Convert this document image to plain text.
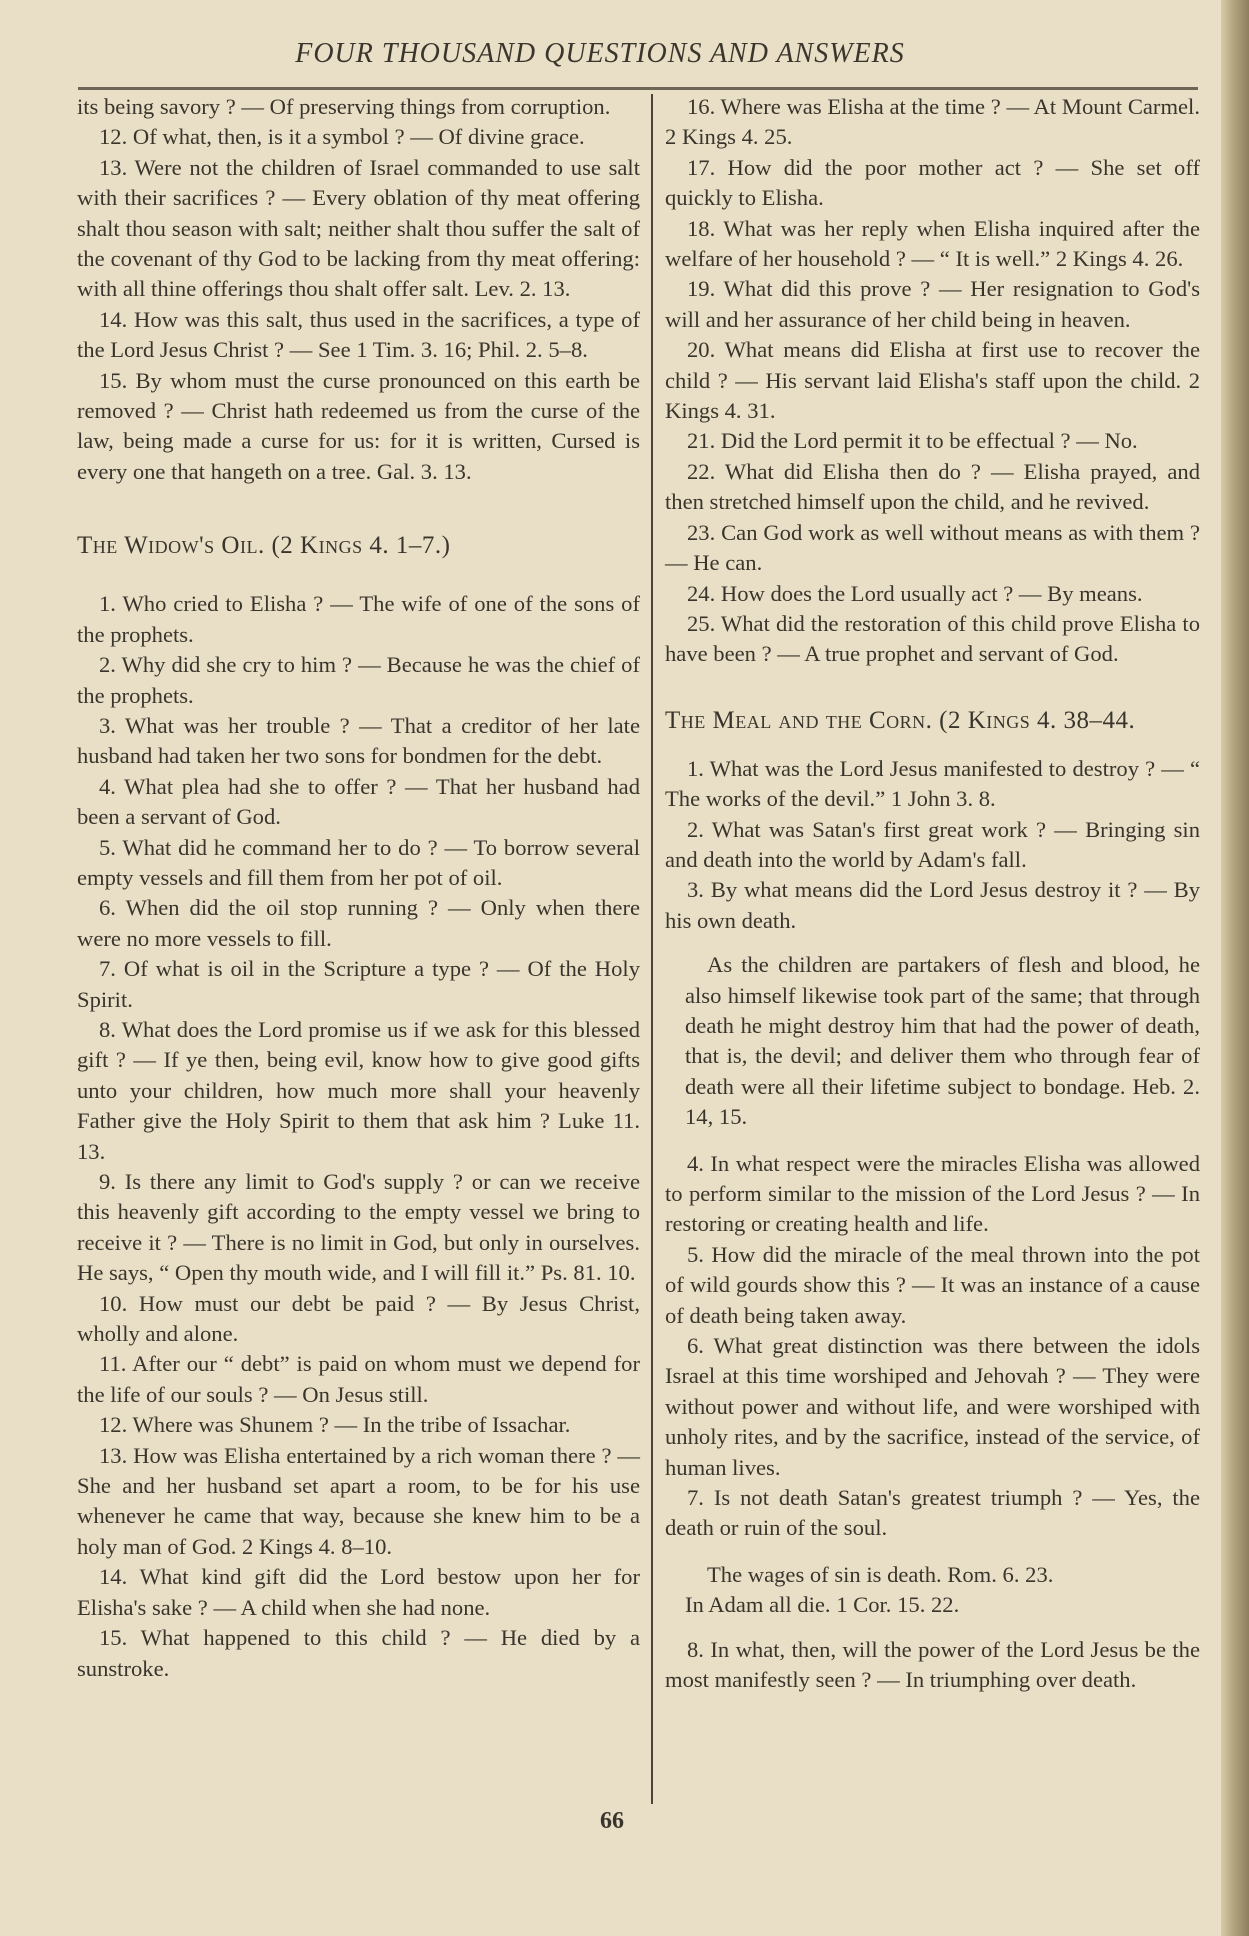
FOUR THOUSAND QUESTIONS AND ANSWERS

its being savory ? — Of preserving things from corruption.

12. Of what, then, is it a symbol ? — Of divine grace.

13. Were not the children of Israel commanded to use salt with their sacrifices ? — Every oblation of thy meat offering shalt thou season with salt; neither shalt thou suffer the salt of the covenant of thy God to be lacking from thy meat offering: with all thine offerings thou shalt offer salt. Lev. 2. 13.

14. How was this salt, thus used in the sacrifices, a type of the Lord Jesus Christ ? — See 1 Tim. 3. 16; Phil. 2. 5–8.

15. By whom must the curse pronounced on this earth be removed ? — Christ hath redeemed us from the curse of the law, being made a curse for us: for it is written, Cursed is every one that hangeth on a tree. Gal. 3. 13.

The Widow's Oil. (2 Kings 4. 1–7.)

1. Who cried to Elisha ? — The wife of one of the sons of the prophets.

2. Why did she cry to him ? — Because he was the chief of the prophets.

3. What was her trouble ? — That a creditor of her late husband had taken her two sons for bondmen for the debt.

4. What plea had she to offer ? — That her husband had been a servant of God.

5. What did he command her to do ? — To borrow several empty vessels and fill them from her pot of oil.

6. When did the oil stop running ? — Only when there were no more vessels to fill.

7. Of what is oil in the Scripture a type ? — Of the Holy Spirit.

8. What does the Lord promise us if we ask for this blessed gift ? — If ye then, being evil, know how to give good gifts unto your children, how much more shall your heavenly Father give the Holy Spirit to them that ask him ? Luke 11. 13.

9. Is there any limit to God's supply ? or can we receive this heavenly gift according to the empty vessel we bring to receive it ? — There is no limit in God, but only in ourselves. He says, “ Open thy mouth wide, and I will fill it.” Ps. 81. 10.

10. How must our debt be paid ? — By Jesus Christ, wholly and alone.

11. After our “ debt” is paid on whom must we depend for the life of our souls ? — On Jesus still.

12. Where was Shunem ? — In the tribe of Issachar.

13. How was Elisha entertained by a rich woman there ? — She and her husband set apart a room, to be for his use whenever he came that way, because she knew him to be a holy man of God. 2 Kings 4. 8–10.

14. What kind gift did the Lord bestow upon her for Elisha's sake ? — A child when she had none.

15. What happened to this child ? — He died by a sunstroke.

16. Where was Elisha at the time ? — At Mount Carmel. 2 Kings 4. 25.

17. How did the poor mother act ? — She set off quickly to Elisha.

18. What was her reply when Elisha inquired after the welfare of her household ? — “ It is well.” 2 Kings 4. 26.

19. What did this prove ? — Her resignation to God's will and her assurance of her child being in heaven.

20. What means did Elisha at first use to recover the child ? — His servant laid Elisha's staff upon the child. 2 Kings 4. 31.

21. Did the Lord permit it to be effectual ? — No.

22. What did Elisha then do ? — Elisha prayed, and then stretched himself upon the child, and he revived.

23. Can God work as well without means as with them ? — He can.

24. How does the Lord usually act ? — By means.

25. What did the restoration of this child prove Elisha to have been ? — A true prophet and servant of God.

The Meal and the Corn. (2 Kings 4. 38–44.

1. What was the Lord Jesus manifested to destroy ? — “ The works of the devil.” 1 John 3. 8.

2. What was Satan's first great work ? — Bringing sin and death into the world by Adam's fall.

3. By what means did the Lord Jesus destroy it ? — By his own death.

As the children are partakers of flesh and blood, he also himself likewise took part of the same; that through death he might destroy him that had the power of death, that is, the devil; and deliver them who through fear of death were all their lifetime subject to bondage. Heb. 2. 14, 15.

4. In what respect were the miracles Elisha was allowed to perform similar to the mission of the Lord Jesus ? — In restoring or creating health and life.

5. How did the miracle of the meal thrown into the pot of wild gourds show this ? — It was an instance of a cause of death being taken away.

6. What great distinction was there between the idols Israel at this time worshiped and Jehovah ? — They were without power and without life, and were worshiped with unholy rites, and by the sacrifice, instead of the service, of human lives.

7. Is not death Satan's greatest triumph ? — Yes, the death or ruin of the soul.

The wages of sin is death. Rom. 6. 23.
In Adam all die. 1 Cor. 15. 22.

8. In what, then, will the power of the Lord Jesus be the most manifestly seen ? — In triumphing over death.

66
